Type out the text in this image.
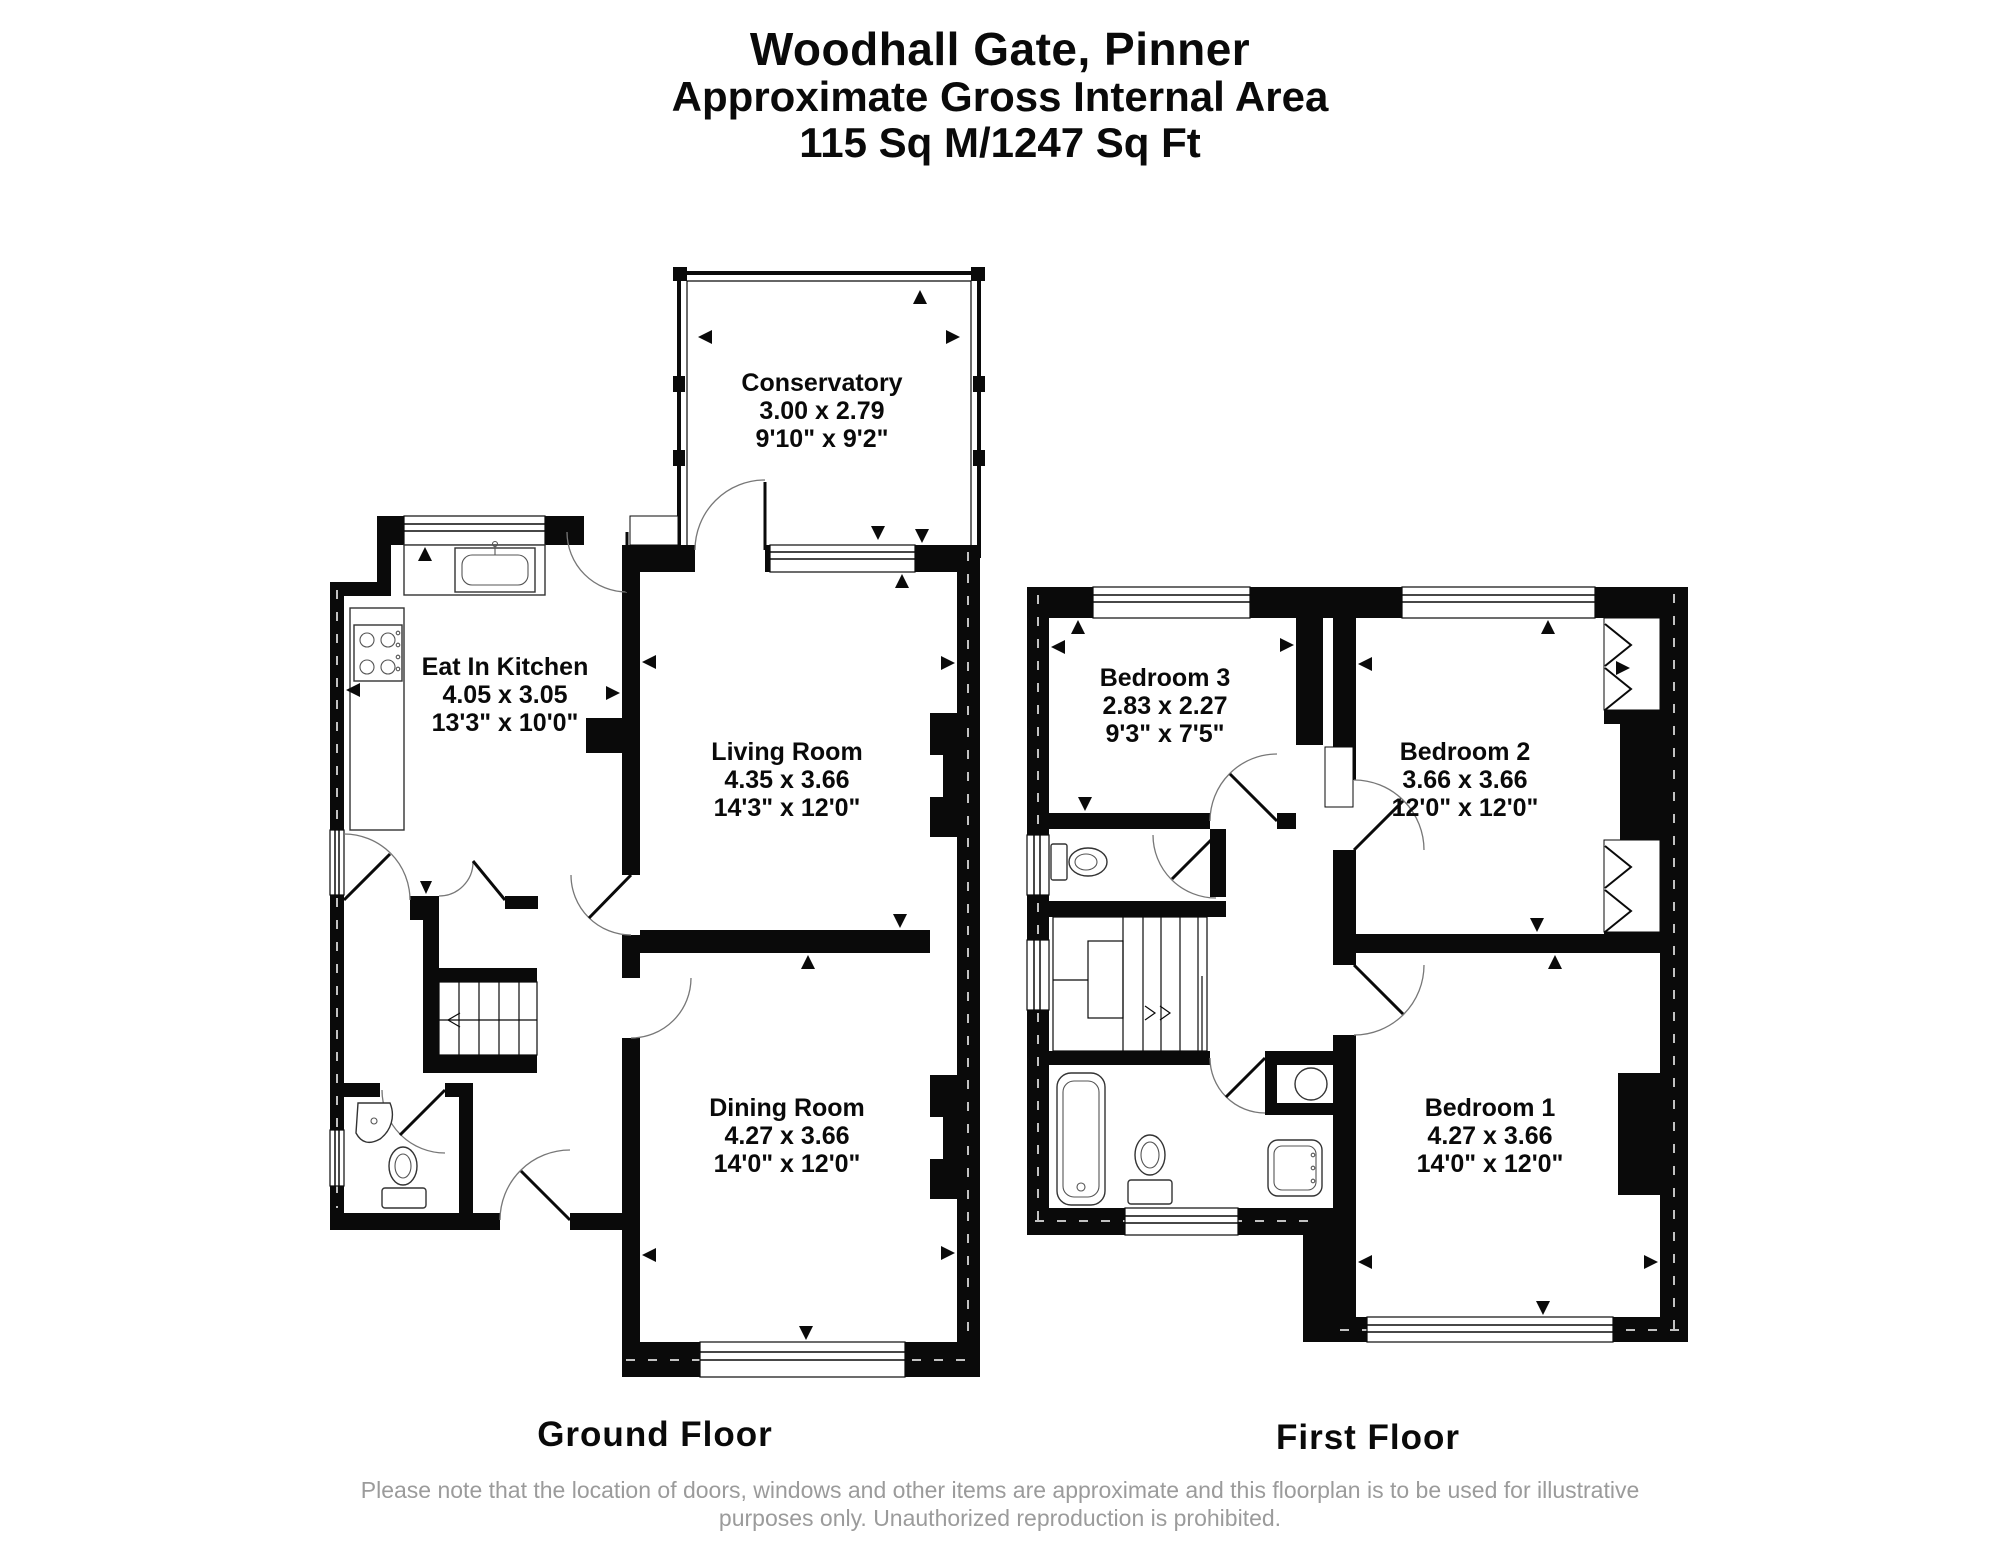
Woodhall Gate, Pinner
Approximate Gross Internal Area
115 Sq M/1247 Sq Ft
Conservatory
3.00 x 2.79
9'10" x 9'2"
Eat In Kitchen
4.05 x 3.05
13'3" x 10'0"
Living Room
4.35 x 3.66
14'3" x 12'0"
Dining Room
4.27 x 3.66
14'0" x 12'0"
Bedroom 3
2.83 x 2.27
9'3" x 7'5"
Bedroom 2
3.66 x 3.66
12'0" x 12'0"
Bedroom 1
4.27 x 3.66
14'0" x 12'0"
Ground Floor	First Floor
Please note that the location of doors, windows and other items are approximate and this floorplan is to be used for illustrative
purposes only. Unauthorized reproduction is prohibited.
